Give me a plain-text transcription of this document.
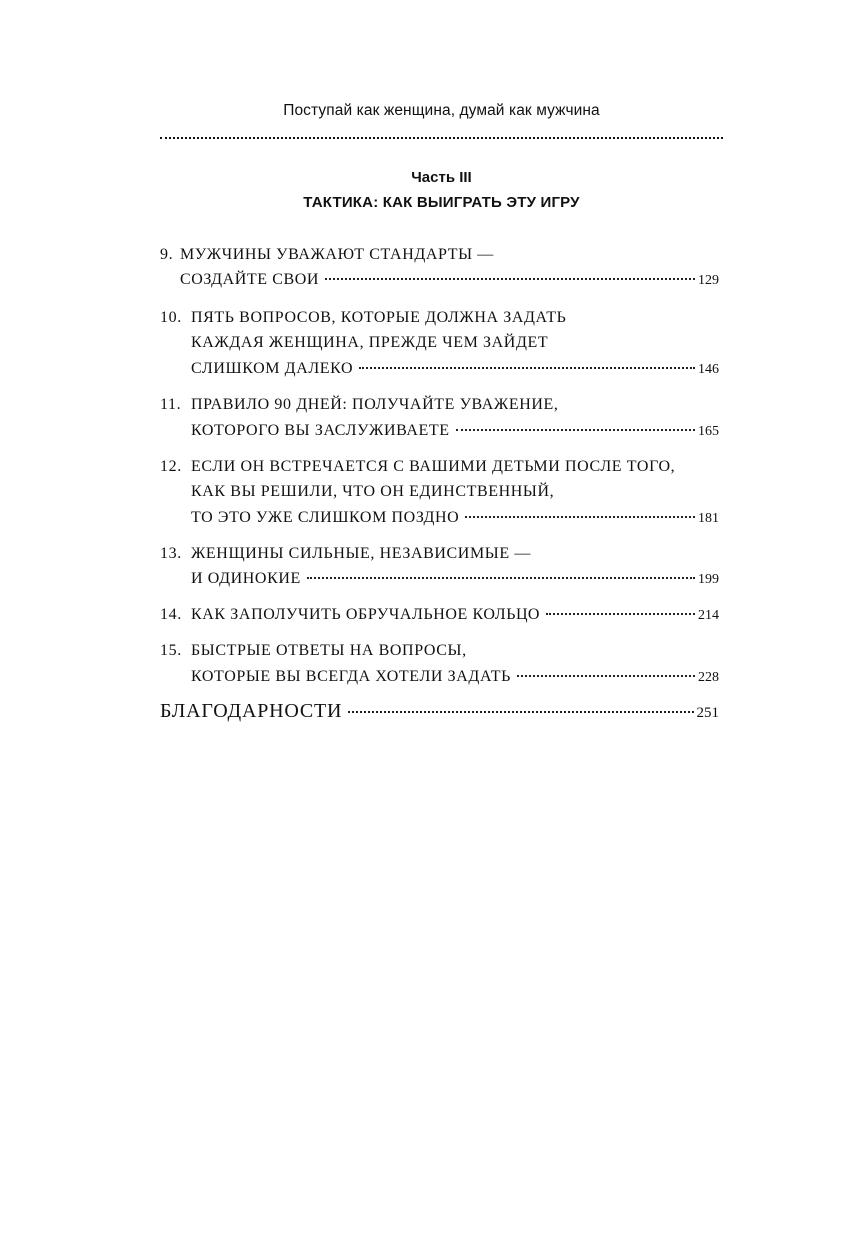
Поступай как женщина, думай как мужчина
Часть III
ТАКТИКА: КАК ВЫИГРАТЬ ЭТУ ИГРУ
9. МУЖЧИНЫ УВАЖАЮТ СТАНДАРТЫ —
СОЗДАЙТЕ СВОИ	129
10. ПЯТЬ ВОПРОСОВ, КОТОРЫЕ ДОЛЖНА ЗАДАТЬ
КАЖДАЯ ЖЕНЩИНА, ПРЕЖДЕ ЧЕМ ЗАЙДЕТ
СЛИШКОМ ДАЛЕКО	146
11. ПРАВИЛО 90 ДНЕЙ: ПОЛУЧАЙТЕ УВАЖЕНИЕ,
КОТОРОГО ВЫ ЗАСЛУЖИВАЕТЕ	165
12. ЕСЛИ ОН ВСТРЕЧАЕТСЯ С ВАШИМИ ДЕТЬМИ ПОСЛЕ ТОГО,
КАК ВЫ РЕШИЛИ, ЧТО ОН ЕДИНСТВЕННЫЙ,
ТО ЭТО УЖЕ СЛИШКОМ ПОЗДНО	181
13. ЖЕНЩИНЫ СИЛЬНЫЕ, НЕЗАВИСИМЫЕ —
И ОДИНОКИЕ	199
14. КАК ЗАПОЛУЧИТЬ ОБРУЧАЛЬНОЕ КОЛЬЦО	214
15. БЫСТРЫЕ ОТВЕТЫ НА ВОПРОСЫ,
КОТОРЫЕ ВЫ ВСЕГДА ХОТЕЛИ ЗАДАТЬ	228
БЛАГОДАРНОСТИ	251
